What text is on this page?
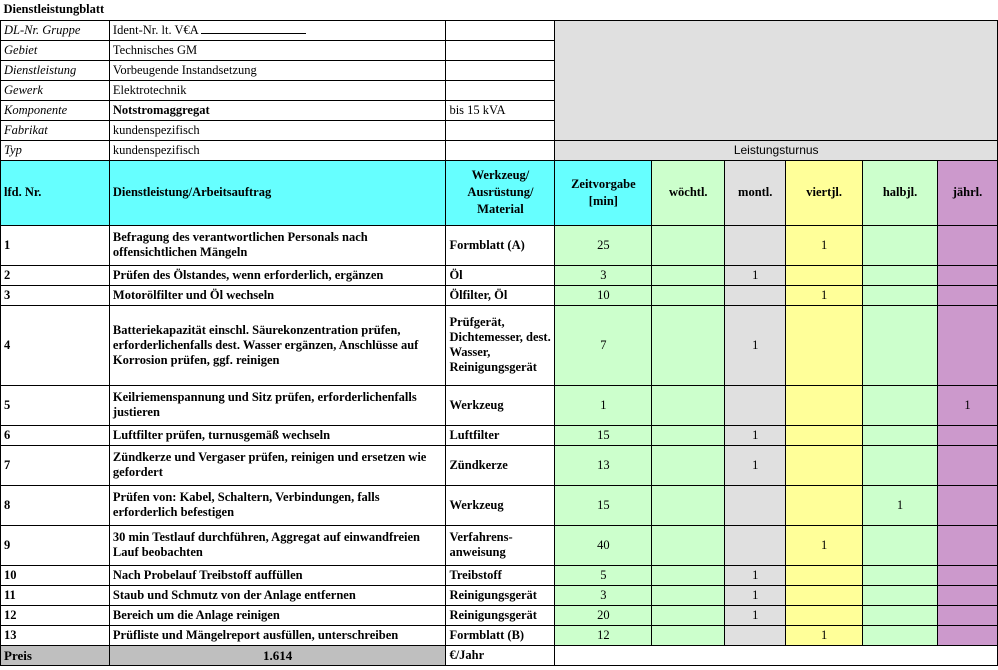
Dienstleistungblatt								
DL-Nr. Gruppe	Ident-Nr. lt. V€A							
Gebiet	Technisches GM							
Dienstleistung	Vorbeugende Instandsetzung							
Gewerk	Elektrotechnik							
Komponente	Notstromaggregat	bis 15 kVA						
Fabrikat	kundenspezifisch							
Typ	kundenspezifisch		Leistungsturnus					
lfd. Nr.	Dienstleistung/Arbeitsauftrag	Werkzeug/ Ausrüstung/ Material	Zeitvorgabe [min]	wöchtl.	montl.	viertjl.	halbjl.	jährl.
1	Befragung des verantwortlichen Personals nach offensichtlichen Mängeln	Formblatt (A)	25			1		
2	Prüfen des Ölstandes, wenn erforderlich, ergänzen	Öl	3		1			
3	Motorölfilter und Öl wechseln	Ölfilter, Öl	10			1		
4	Batteriekapazität einschl. Säurekonzentration prüfen, erforderlichenfalls dest. Wasser ergänzen, Anschlüsse auf Korrosion prüfen, ggf. reinigen	Prüfgerät, Dichtemesser, dest. Wasser, Reinigungsgerät	7		1			
5	Keilriemenspannung und Sitz prüfen, erforderlichenfalls justieren	Werkzeug	1					1
6	Luftfilter prüfen, turnusgemäß wechseln	Luftfilter	15		1			
7	Zündkerze und Vergaser prüfen, reinigen und ersetzen wie gefordert	Zündkerze	13		1			
8	Prüfen von: Kabel, Schaltern, Verbindungen, falls erforderlich befestigen	Werkzeug	15				1	
9	30 min Testlauf durchführen, Aggregat auf einwandfreien Lauf beobachten	Verfahrens-anweisung	40			1		
10	Nach Probelauf Treibstoff auffüllen	Treibstoff	5		1			
11	Staub und Schmutz von der Anlage entfernen	Reinigungsgerät	3		1			
12	Bereich um die Anlage reinigen	Reinigungsgerät	20		1			
13	Prüfliste und Mängelreport ausfüllen, unterschreiben	Formblatt (B)	12			1		
Preis	1.614	€/Jahr						
